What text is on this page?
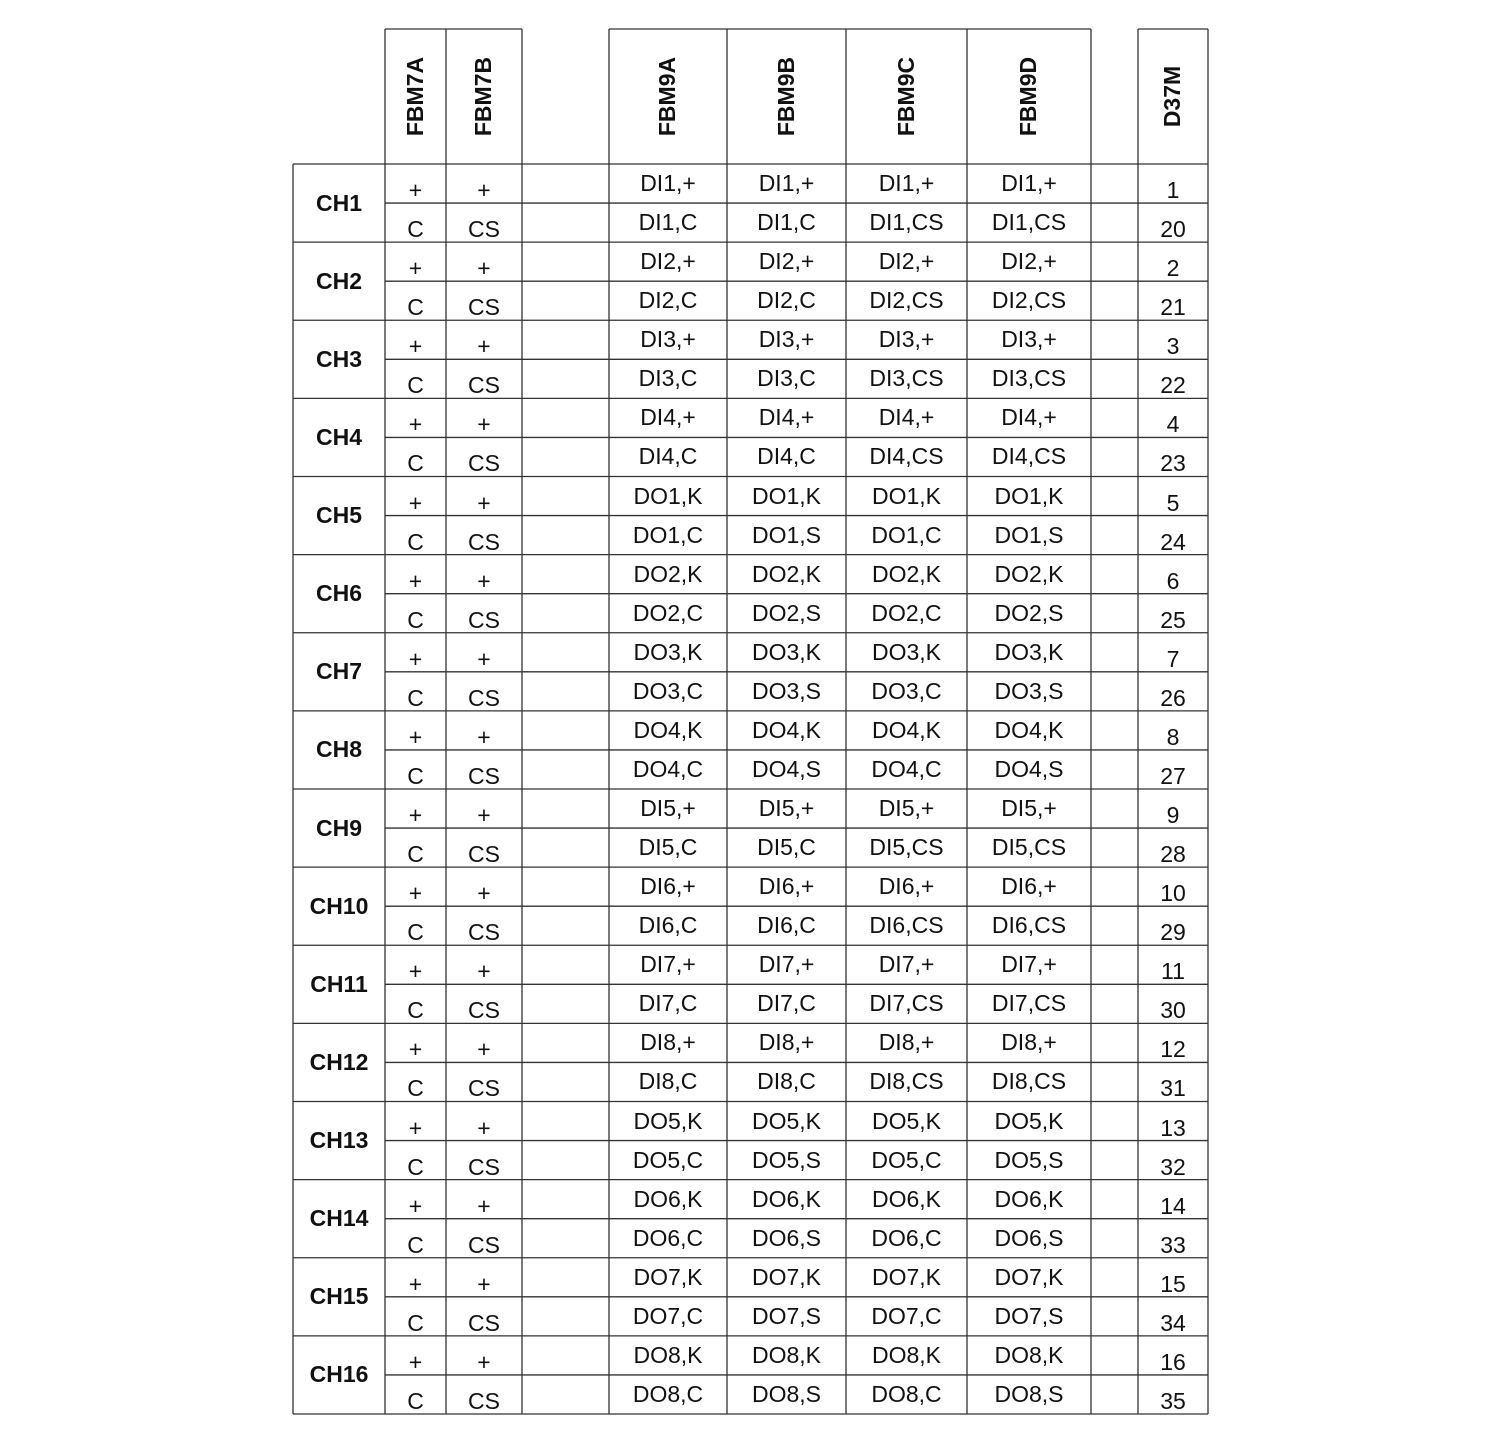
FBM7A FBM7B	FBM9A	FBM9B	FBM9C	FBM9D	D37M
CH1	+	+	DI1,+	DI1,+	DI1,+	DI1,+	1
C	CS	DI1,C	DI1,C	DI1,CS	DI1,CS	20
CH2	+	+	DI2,+	DI2,+	DI2,+	DI2,+	2
C	CS	DI2,C	DI2,C	DI2,CS	DI2,CS	21
CH3	+	+	DI3,+	DI3,+	DI3,+	DI3,+	3
C	CS	DI3,C	DI3,C	DI3,CS	DI3,CS	22
CH4	+	+	DI4,+	DI4,+	DI4,+	DI4,+	4
C	CS	DI4,C	DI4,C	DI4,CS	DI4,CS	23
CH5	+	+	DO1,K	DO1,K	DO1,K	DO1,K	5
C	CS	DO1,C	DO1,S	DO1,C	DO1,S	24
CH6	+	+	DO2,K	DO2,K	DO2,K	DO2,K	6
C	CS	DO2,C	DO2,S	DO2,C	DO2,S	25
CH7	+	+	DO3,K	DO3,K	DO3,K	DO3,K	7
C	CS	DO3,C	DO3,S	DO3,C	DO3,S	26
CH8	+	+	DO4,K	DO4,K	DO4,K	DO4,K	8
C	CS	DO4,C	DO4,S	DO4,C	DO4,S	27
CH9	+	+	DI5,+	DI5,+	DI5,+	DI5,+	9
C	CS	DI5,C	DI5,C	DI5,CS	DI5,CS	28
CH10	+	+	DI6,+	DI6,+	DI6,+	DI6,+	10
C	CS	DI6,C	DI6,C	DI6,CS	DI6,CS	29
CH11	+	+	DI7,+	DI7,+	DI7,+	DI7,+	11
C	CS	DI7,C	DI7,C	DI7,CS	DI7,CS	30
CH12	+	+	DI8,+	DI8,+	DI8,+	DI8,+	12
C	CS	DI8,C	DI8,C	DI8,CS	DI8,CS	31
CH13	+	+	DO5,K	DO5,K	DO5,K	DO5,K	13
C	CS	DO5,C	DO5,S	DO5,C	DO5,S	32
CH14	+	+	DO6,K	DO6,K	DO6,K	DO6,K	14
C	CS	DO6,C	DO6,S	DO6,C	DO6,S	33
CH15	+	+	DO7,K	DO7,K	DO7,K	DO7,K	15
C	CS	DO7,C	DO7,S	DO7,C	DO7,S	34
CH16	+	+	DO8,K	DO8,K	DO8,K	DO8,K	16
C	CS	DO8,C	DO8,S	DO8,C	DO8,S	35
